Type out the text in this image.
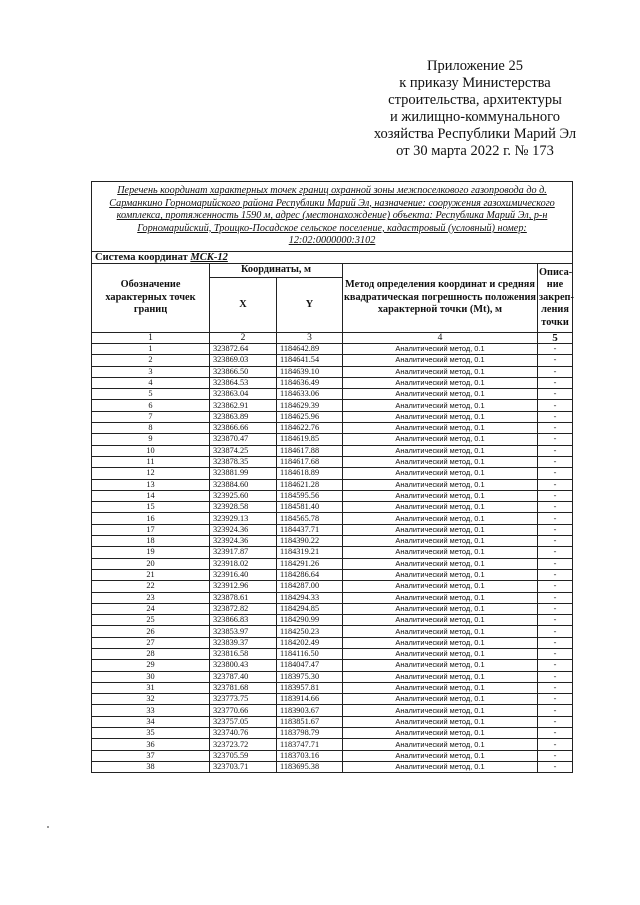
Приложение 25
к приказу Министерства
строительства, архитектуры
и жилищно-коммунального
хозяйства Республики Марий Эл
от 30 марта 2022 г. № 173
Перечень координат характерных точек границ охранной зоны межпоселкового газопровода до д. Сарманкино Горномарийского района Республики Марий Эл, назначение: сооружения газохимического комплекса, протяженность 1590 м, адрес (местонахождение) объекта: Республика Марий Эл, р-н Горномарийский, Троицко-Посадское сельское поселение, кадастровый (условный) номер: 12:02:0000000:3102				
Система координат МСК-12				
Обозначение характерных точек границ	Координаты, м		Метод определения координат и средняя квадратическая погрешность положения характерной точки (Mt), м	Описа-ние закреп-ления точки
	X	Y		
1	2	3	4	5
1	323872.64	1184642.89	Аналитический метод, 0.1	-
2	323869.03	1184641.54	Аналитический метод, 0.1	-
3	323866.50	1184639.10	Аналитический метод, 0.1	-
4	323864.53	1184636.49	Аналитический метод, 0.1	-
5	323863.04	1184633.06	Аналитический метод, 0.1	-
6	323862.91	1184629.39	Аналитический метод, 0.1	-
7	323863.89	1184625.96	Аналитический метод, 0.1	-
8	323866.66	1184622.76	Аналитический метод, 0.1	-
9	323870.47	1184619.85	Аналитический метод, 0.1	-
10	323874.25	1184617.88	Аналитический метод, 0.1	-
11	323878.35	1184617.68	Аналитический метод, 0.1	-
12	323881.99	1184618.89	Аналитический метод, 0.1	-
13	323884.60	1184621.28	Аналитический метод, 0.1	-
14	323925.60	1184595.56	Аналитический метод, 0.1	-
15	323928.58	1184581.40	Аналитический метод, 0.1	-
16	323929.13	1184565.78	Аналитический метод, 0.1	-
17	323924.36	1184437.71	Аналитический метод, 0.1	-
18	323924.36	1184390.22	Аналитический метод, 0.1	-
19	323917.87	1184319.21	Аналитический метод, 0.1	-
20	323918.02	1184291.26	Аналитический метод, 0.1	-
21	323916.40	1184286.64	Аналитический метод, 0.1	-
22	323912.96	1184287.00	Аналитический метод, 0.1	-
23	323878.61	1184294.33	Аналитический метод, 0.1	-
24	323872.82	1184294.85	Аналитический метод, 0.1	-
25	323866.83	1184290.99	Аналитический метод, 0.1	-
26	323853.97	1184250.23	Аналитический метод, 0.1	-
27	323839.37	1184202.49	Аналитический метод, 0.1	-
28	323816.58	1184116.50	Аналитический метод, 0.1	-
29	323800.43	1184047.47	Аналитический метод, 0.1	-
30	323787.40	1183975.30	Аналитический метод, 0.1	-
31	323781.68	1183957.81	Аналитический метод, 0.1	-
32	323773.75	1183914.66	Аналитический метод, 0.1	-
33	323770.66	1183903.67	Аналитический метод, 0.1	-
34	323757.05	1183851.67	Аналитический метод, 0.1	-
35	323740.76	1183798.79	Аналитический метод, 0.1	-
36	323723.72	1183747.71	Аналитический метод, 0.1	-
37	323705.59	1183703.16	Аналитический метод, 0.1	-
38	323703.71	1183695.38	Аналитический метод, 0.1	-
